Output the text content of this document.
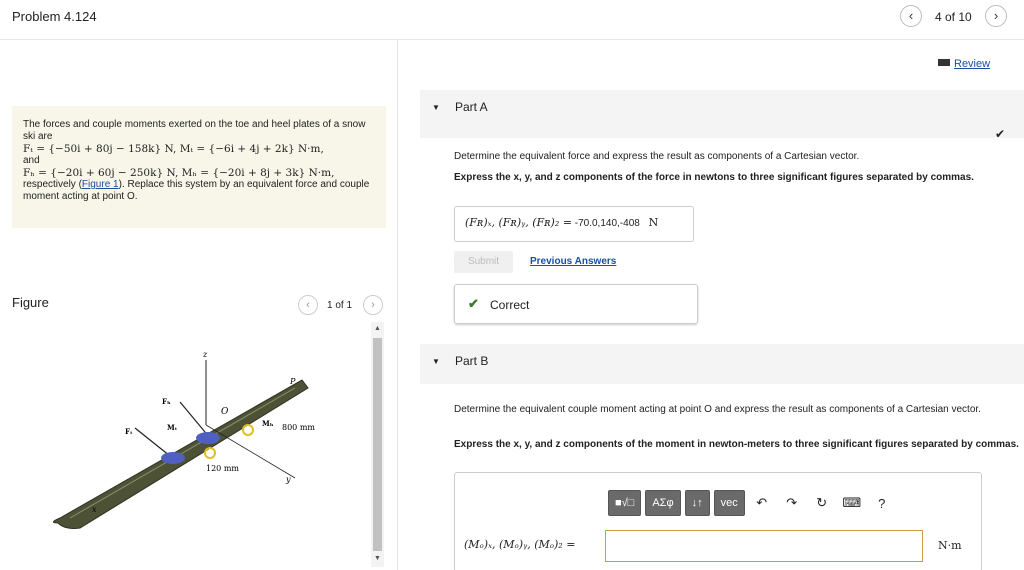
Problem 4.124	‹	4 of 10	›
Review
The forces and couple moments exerted on the toe and heel plates of a snow ski are
Fₜ = {−50i + 80j − 158k} N, Mₜ = {−6i + 4j + 2k} N·m,
and
Fₕ = {−20i + 60j − 250k} N, Mₕ = {−20i + 8j + 3k} N·m,
respectively (Figure 1). Replace this system by an equivalent force and couple moment acting at point O.
Figure	‹	1 of 1	›
z
Fₕ
O
P
Mₜ	Mₕ
Fₜ	800 mm
120 mm
y
x
▲
▼
▼ Part A
✔
Determine the equivalent force and express the result as components of a Cartesian vector.
Express the x, y, and z components of the force in newtons to three significant figures separated by commas.
(Fʀ)ₓ, (Fʀ)ᵧ, (Fʀ)₂ = -70.0,140,-408 N
Submit	Previous Answers
✔ Correct
▼ Part B
Determine the equivalent couple moment acting at point O and express the result as components of a Cartesian vector.
Express the x, y, and z components of the moment in newton-meters to three significant figures separated by commas.
■√□	AΣφ	↓↑	vec	↶	↷	↻	⌨	?
(Mₒ)ₓ, (Mₒ)ᵧ, (Mₒ)₂ =	N·m
